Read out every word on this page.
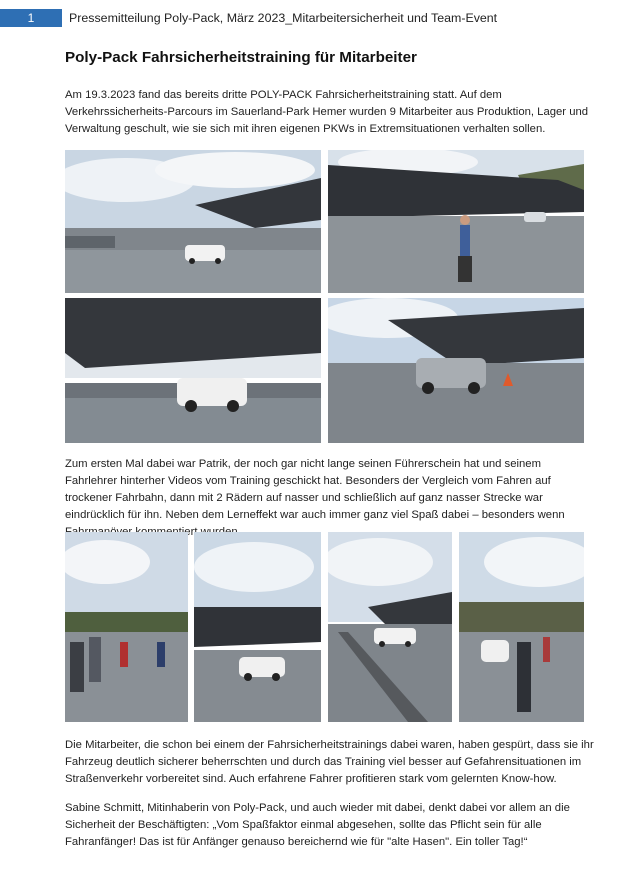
1	Pressemitteilung Poly-Pack, März 2023_Mitarbeitersicherheit und Team-Event
Poly-Pack Fahrsicherheitstraining für Mitarbeiter

Am 19.3.2023 fand das bereits dritte POLY-PACK Fahrsicherheitstraining statt. Auf dem Verkehrssicherheits-Parcours im Sauerland-Park Hemer wurden 9 Mitarbeiter aus Produktion, Lager und Verwaltung geschult, wie sie sich mit ihren eigenen PKWs in Extremsituationen verhalten sollen.

Zum ersten Mal dabei war Patrik, der noch gar nicht lange seinen Führerschein hat und seinem Fahrlehrer hinterher Videos vom Training geschickt hat. Besonders der Vergleich vom Fahren auf trockener Fahrbahn, dann mit 2 Rädern auf nasser und schließlich auf ganz nasser Strecke war eindrücklich für ihn. Neben dem Lerneffekt war auch immer ganz viel Spaß dabei – besonders wenn

Die Mitarbeiter, die schon bei einem der Fahrsicherheitstrainings dabei waren, haben gespürt, dass sie ihr Fahrzeug deutlich sicherer beherrschten und durch das Training viel besser auf Gefahrensituationen im Straßenverkehr vorbereitet sind. Auch erfahrene Fahrer profitieren stark vom gelernten Know-how.

Sabine Schmitt, Mitinhaberin von Poly-Pack, und auch wieder mit dabei, denkt dabei vor allem an die Sicherheit der Beschäftigten: „Vom Spaßfaktor einmal abgesehen, sollte das Pflicht sein für alle Fahranfänger! Das ist für Anfänger genauso bereichernd wie für "alte Hasen". Ein toller Tag!“
